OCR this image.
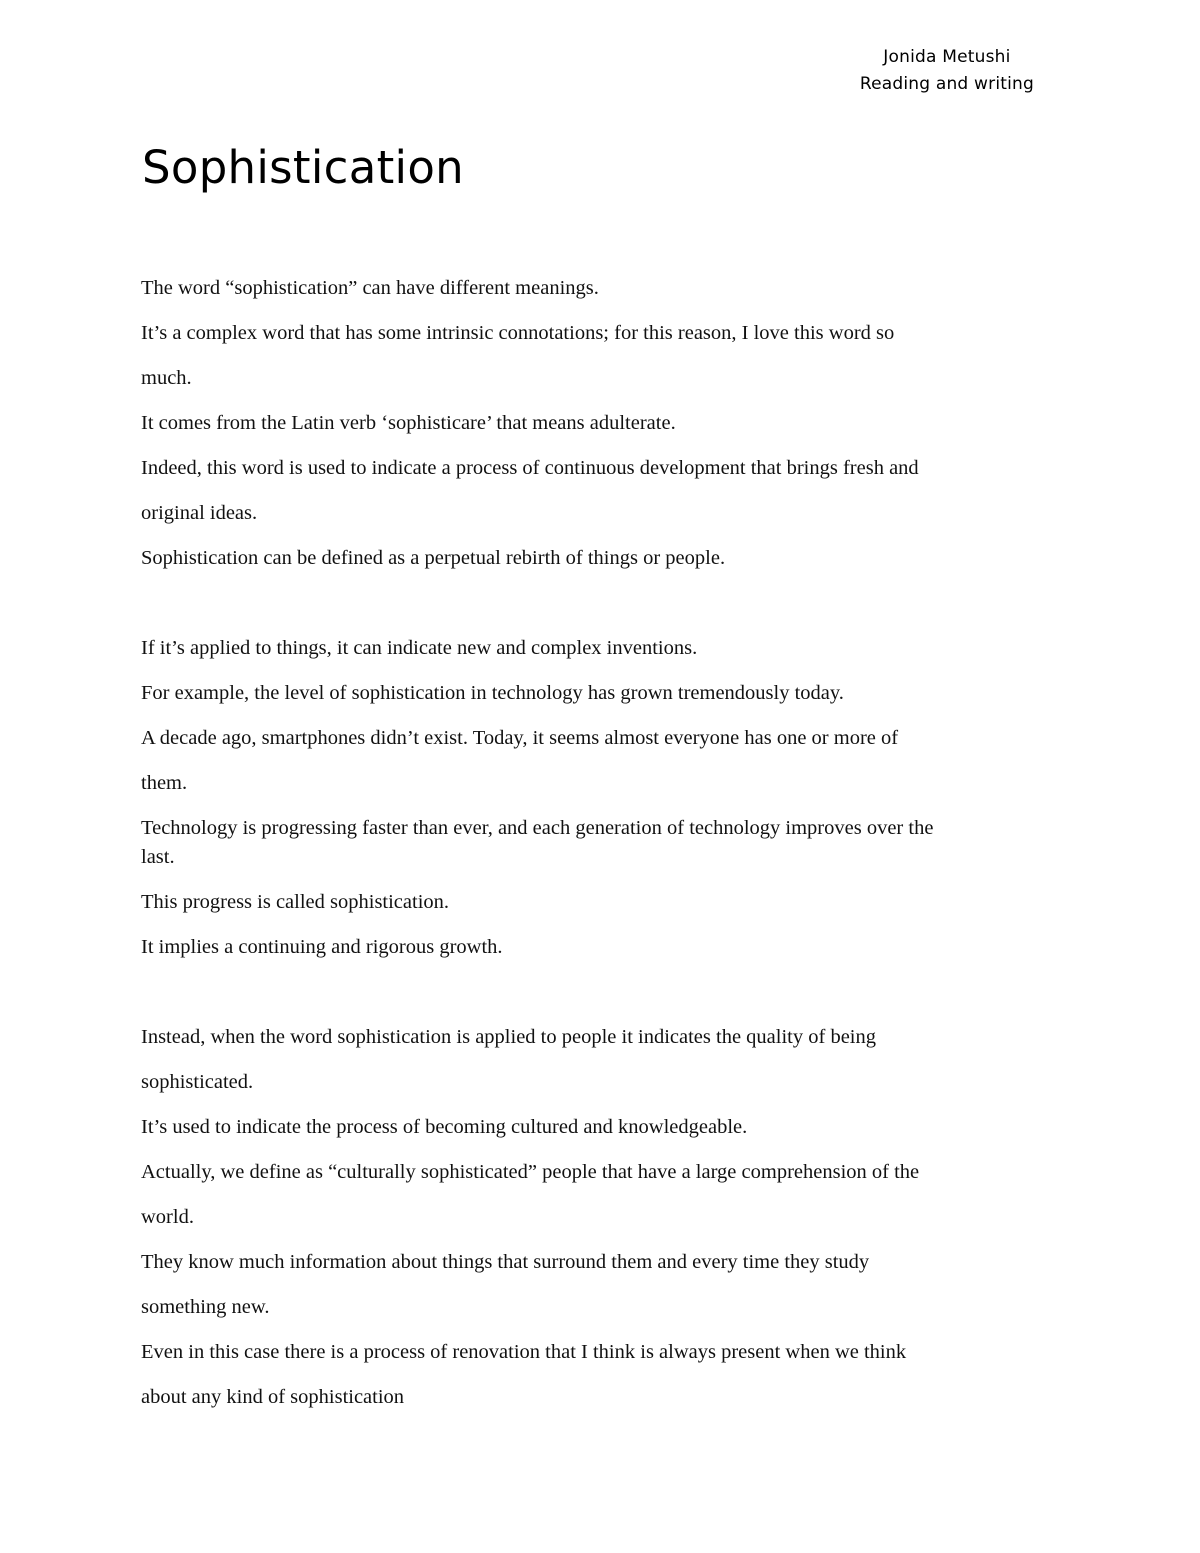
Jonida Metushi
Reading and writing
Sophistication
The word “sophistication” can have different meanings.
It’s a complex word that has some intrinsic connotations; for this reason, I love this word so
much.
It comes from the Latin verb ‘sophisticare’ that means adulterate.
Indeed, this word is used to indicate a process of continuous development that brings fresh and
original ideas.
Sophistication can be defined as a perpetual rebirth of things or people.
If it’s applied to things, it can indicate new and complex inventions.
For example, the level of sophistication in technology has grown tremendously today.
A decade ago, smartphones didn’t exist. Today, it seems almost everyone has one or more of
them.
Technology is progressing faster than ever, and each generation of technology improves over the
last.
This progress is called sophistication.
It implies a continuing and rigorous growth.
Instead, when the word sophistication is applied to people it indicates the quality of being
sophisticated.
It’s used to indicate the process of becoming cultured and knowledgeable.
Actually, we define as “culturally sophisticated” people that have a large comprehension of the
world.
They know much information about things that surround them and every time they study
something new.
Even in this case there is a process of renovation that I think is always present when we think
about any kind of sophistication
